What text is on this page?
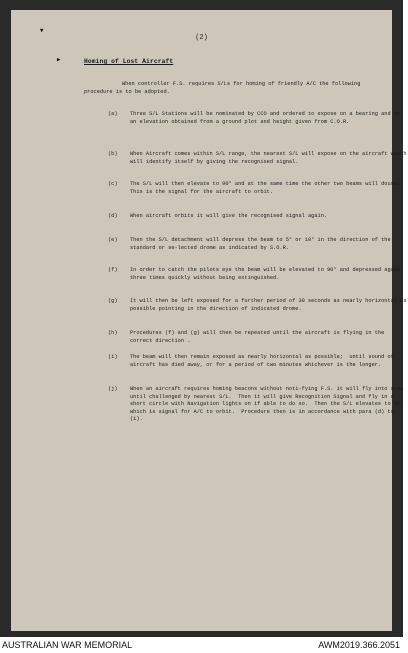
▾
▸
(2)
Homing of Lost Aircraft
When controller F.S. requires S/Ls for homing of friendly A/C the following procedure is to be adopted.
(a)	Three S/L Stations will be nominated by CCO and ordered to expose on a bearing and at an elevation obtained from a ground plot and height given from C.O.R.
(b)	When Aircraft comes within S/L range, the nearest S/L will expose on the aircraft which will identify itself by giving the recognised signal.
(c)	The S/L will then elevate to 90° and at the same time the other two beams will douse.  This is the signal for the aircraft to orbit.
(d)	When aircraft orbits it will give the recognised signal again.
(e)	Then the S/L detachment will depress the beam to 5° or 10° in the direction of the standard or se-lected drome as indicated by S.O.R.
(f)	In order to catch the pilots eye the beam will be elevated to 90° and depressed again, three times quickly without being extinguished.
(g)	It will then be left exposed for a further period of 30 seconds as nearly horizontal as possible pointing in the direction of indicated drome.
(h)	Procedures (f) and (g) will then be repeated until the aircraft is flying in the correct direction .
(i)	The beam will then remain exposed as nearly horizontal as possible;  until sound of aircraft has died away, or for a period of two minutes whichever is the longer.
(j)	When an aircraft requires homing beacons without noti-fying F.S. it will fly into area until challenged by nearest S/L.  Then it will give Recognition Signal and fly in a short circle with Navigation lights on if able to do so.  Then the S/L elevates to 90° which is signal for A/C to orbit.  Procedure then is in accordance with para (d) to (i).
AUSTRALIAN WAR MEMORIAL	AWM2019.366.2051
